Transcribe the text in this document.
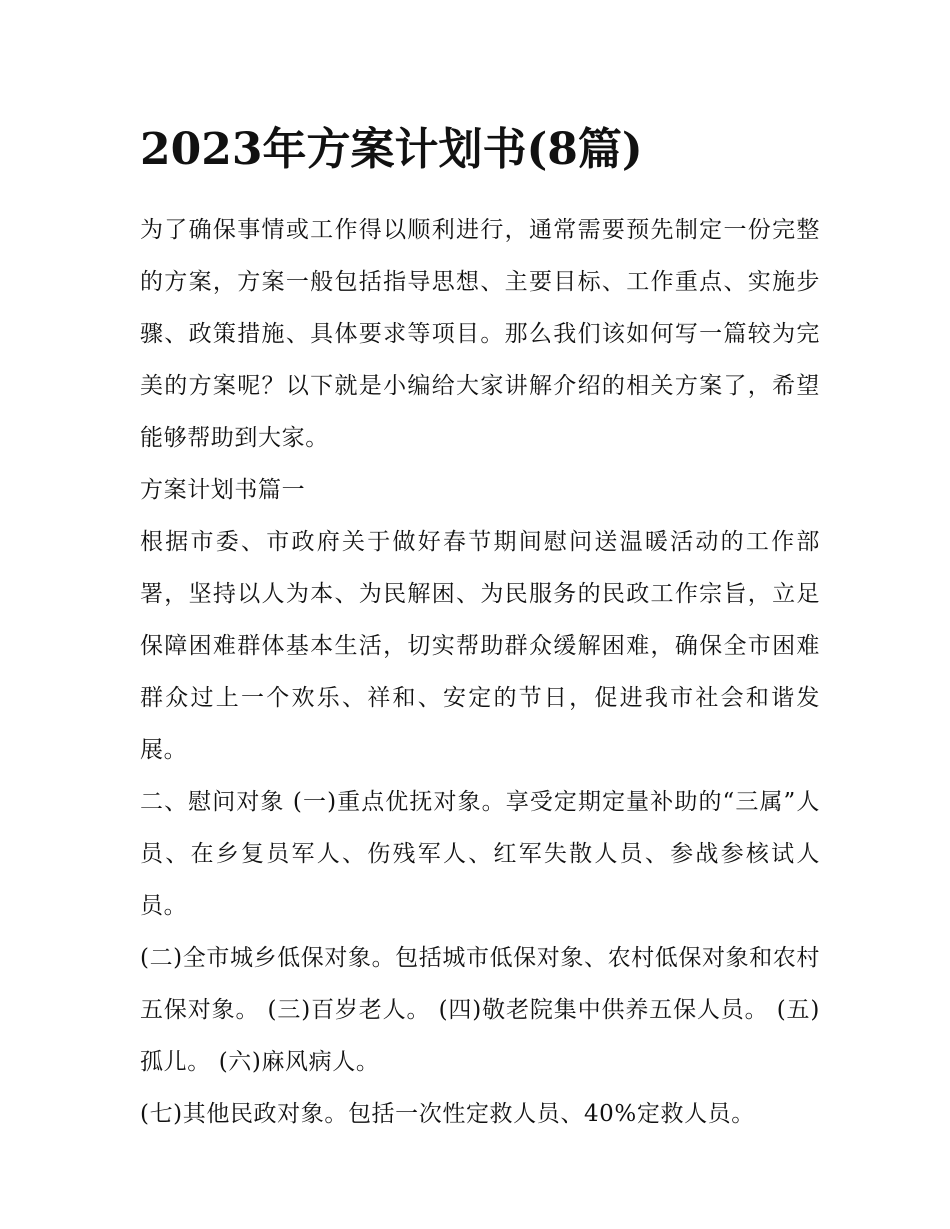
2023年方案计划书(8篇)

为了确保事情或工作得以顺利进行，通常需要预先制定一份完整的方案，方案一般包括指导思想、主要目标、工作重点、实施步骤、政策措施、具体要求等项目。那么我们该如何写一篇较为完美的方案呢？以下就是小编给大家讲解介绍的相关方案了，希望能够帮助到大家。

方案计划书篇一

根据市委、市政府关于做好春节期间慰问送温暖活动的工作部署，坚持以人为本、为民解困、为民服务的民政工作宗旨，立足保障困难群体基本生活，切实帮助群众缓解困难，确保全市困难群众过上一个欢乐、祥和、安定的节日，促进我市社会和谐发展。

二、慰问对象 (一)重点优抚对象。享受定期定量补助的“三属”人员、在乡复员军人、伤残军人、红军失散人员、参战参核试人员。

(二)全市城乡低保对象。包括城市低保对象、农村低保对象和农村五保对象。 (三)百岁老人。 (四)敬老院集中供养五保人员。 (五)孤儿。 (六)麻风病人。

(七)其他民政对象。包括一次性定救人员、40%定救人员。
